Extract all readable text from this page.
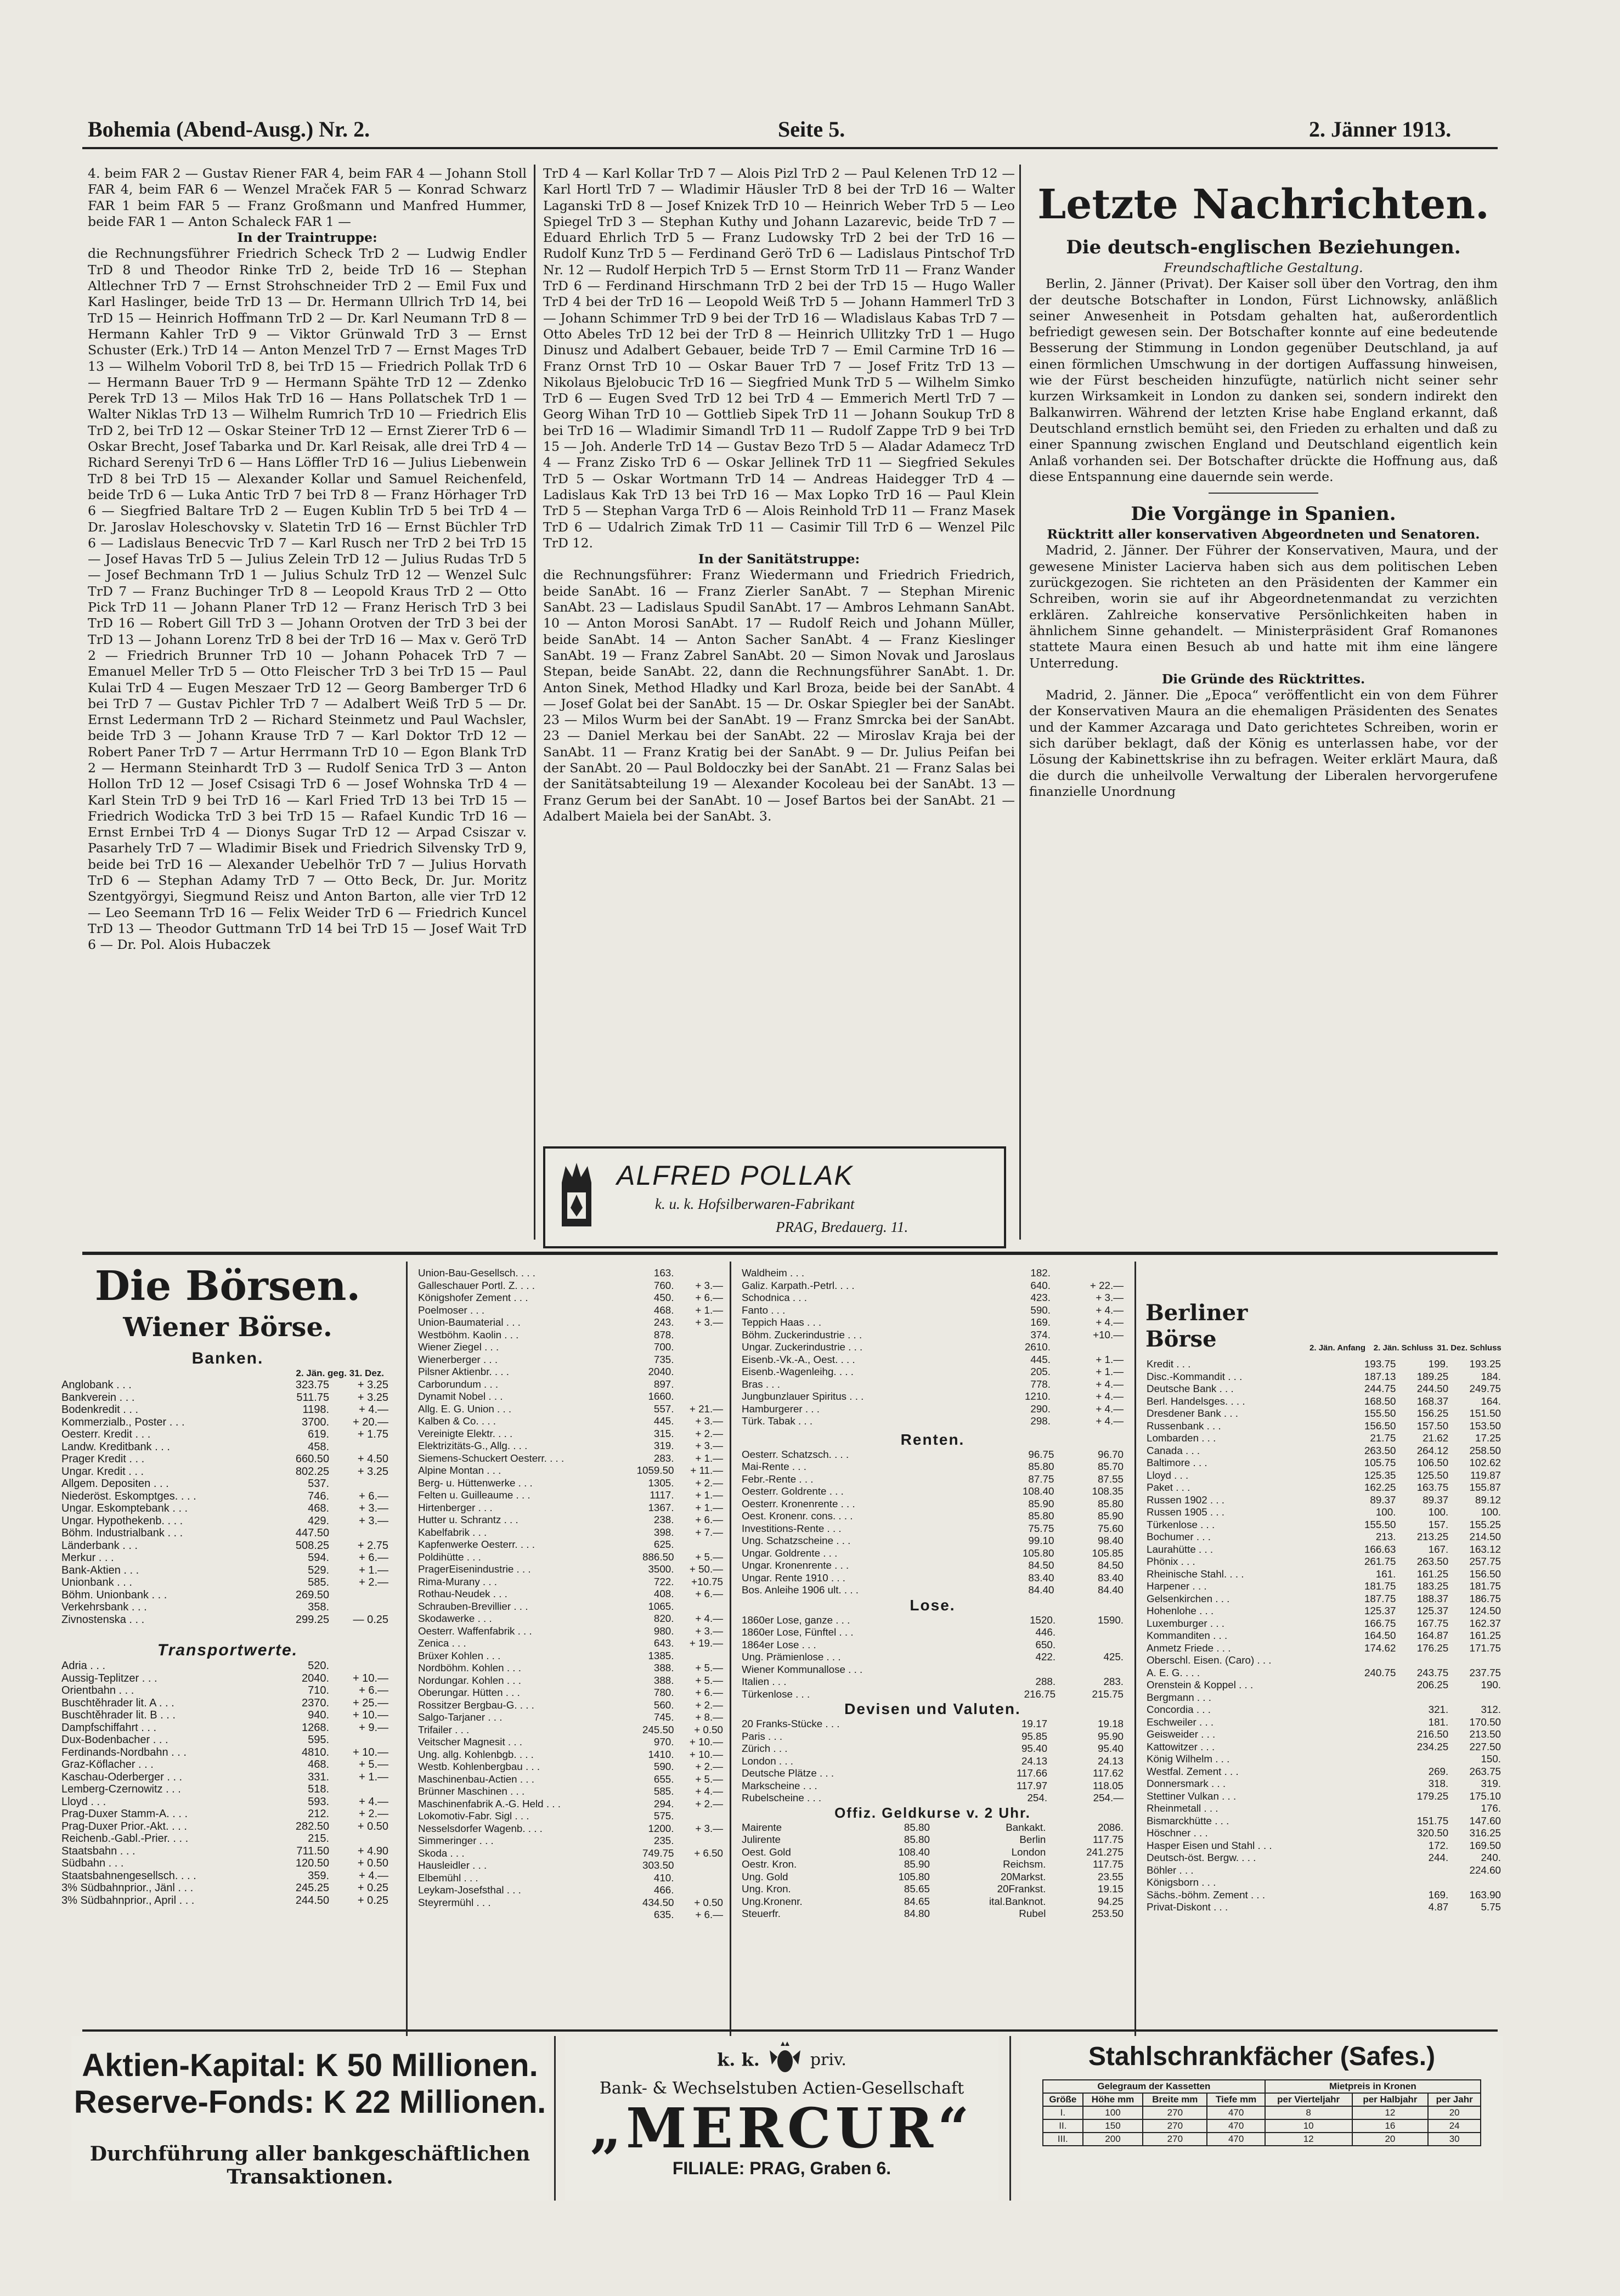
Bohemia (Abend-Ausg.) Nr. 2.	Seite 5.	2. Jänner 1913.

4. beim FAR 2 — Gustav Riener FAR 4, beim FAR 4 — Johann Stoll FAR 4, beim FAR 6 — Wenzel Mraček FAR 5 — Konrad Schwarz FAR 1 beim FAR 5 — Franz Großmann und Manfred Hummer, beide FAR 1 — Anton Schaleck FAR 1 —

In der Traintruppe:

die Rechnungsführer Friedrich Scheck TrD 2 — Ludwig Endler TrD 8 und Theodor Rinke TrD 2, beide TrD 16 — Stephan Altlechner TrD 7 — Ernst Strohschneider TrD 2 — Emil Fux und Karl Haslinger, beide TrD 13 — Dr. Hermann Ullrich TrD 14, bei TrD 15 — Heinrich Hoffmann TrD 2 — Dr. Karl Neumann TrD 8 — Hermann Kahler TrD 9 — Viktor Grünwald TrD 3 — Ernst Schuster (Erk.) TrD 14 — Anton Menzel TrD 7 — Ernst Mages TrD 13 — Wilhelm Voboril TrD 8, bei TrD 15 — Friedrich Pollak TrD 6 — Hermann Bauer TrD 9 — Hermann Spähte TrD 12 — Zdenko Perek TrD 13 — Milos Hak TrD 16 — Hans Pollatschek TrD 1 — Walter Niklas TrD 13 — Wilhelm Rumrich TrD 10 — Friedrich Elis TrD 2, bei TrD 12 — Oskar Steiner TrD 12 — Ernst Zierer TrD 6 — Oskar Brecht, Josef Tabarka und Dr. Karl Reisak, alle drei TrD 4 — Richard Serenyi TrD 6 — Hans Löffler TrD 16 — Julius Liebenwein TrD 8 bei TrD 15 — Alexander Kollar und Samuel Reichenfeld, beide TrD 6 — Luka Antic TrD 7 bei TrD 8 — Franz Hörhager TrD 6 — Siegfried Baltare TrD 2 — Eugen Kublin TrD 5 bei TrD 4 — Dr. Jaroslav Holeschovsky v. Slatetin TrD 16 — Ernst Büchler TrD 6 — Ladislaus Benecvic TrD 7 — Karl Rusch ner TrD 2 bei TrD 15 — Josef Havas TrD 5 — Julius Zelein TrD 12 — Julius Rudas TrD 5 — Josef Bechmann TrD 1 — Julius Schulz TrD 12 — Wenzel Sulc TrD 7 — Franz Buchinger TrD 8 — Leopold Kraus TrD 2 — Otto Pick TrD 11 — Johann Planer TrD 12 — Franz Herisch TrD 3 bei TrD 16 — Robert Gill TrD 3 — Johann Orotven der TrD 3 bei der TrD 13 — Johann Lorenz TrD 8 bei der TrD 16 — Max v. Gerö TrD 2 — Friedrich Brunner TrD 10 — Johann Pohacek TrD 7 — Emanuel Meller TrD 5 — Otto Fleischer TrD 3 bei TrD 15 — Paul Kulai TrD 4 — Eugen Meszaer TrD 12 — Georg Bamberger TrD 6 bei TrD 7 — Gustav Pichler TrD 7 — Adalbert Weiß TrD 5 — Dr. Ernst Ledermann TrD 2 — Richard Steinmetz und Paul Wachsler, beide TrD 3 — Johann Krause TrD 7 — Karl Doktor TrD 12 — Robert Paner TrD 7 — Artur Herrmann TrD 10 — Egon Blank TrD 2 — Hermann Steinhardt TrD 3 — Rudolf Senica TrD 3 — Anton Hollon TrD 12 — Josef Csisagi TrD 6 — Josef Wohnska TrD 4 — Karl Stein TrD 9 bei TrD 16 — Karl Fried TrD 13 bei TrD 15 — Friedrich Wodicka TrD 3 bei TrD 15 — Rafael Kundic TrD 16 — Ernst Ernbei TrD 4 — Dionys Sugar TrD 12 — Arpad Csiszar v. Pasarhely TrD 7 — Wladimir Bisek und Friedrich Silvensky TrD 9, beide bei TrD 16 — Alexander Uebelhör TrD 7 — Julius Horvath TrD 6 — Stephan Adamy TrD 7 — Otto Beck, Dr. Jur. Moritz Szentgyörgyi, Siegmund Reisz und Anton Barton, alle vier TrD 12 — Leo Seemann TrD 16 — Felix Weider TrD 6 — Friedrich Kuncel TrD 13 — Theodor Guttmann TrD 14 bei TrD 15 — Josef Wait TrD 6 — Dr. Pol. Alois Hubaczek

TrD 4 — Karl Kollar TrD 7 — Alois Pizl TrD 2 — Paul Kelenen TrD 12 — Karl Hortl TrD 7 — Wladimir Häusler TrD 8 bei der TrD 16 — Walter Laganski TrD 8 — Josef Knizek TrD 10 — Heinrich Weber TrD 5 — Leo Spiegel TrD 3 — Stephan Kuthy und Johann Lazarevic, beide TrD 7 — Eduard Ehrlich TrD 5 — Franz Ludowsky TrD 2 bei der TrD 16 — Rudolf Kunz TrD 5 — Ferdinand Gerö TrD 6 — Ladislaus Pintschof TrD Nr. 12 — Rudolf Herpich TrD 5 — Ernst Storm TrD 11 — Franz Wander TrD 6 — Ferdinand Hirschmann TrD 2 bei der TrD 15 — Hugo Waller TrD 4 bei der TrD 16 — Leopold Weiß TrD 5 — Johann Hammerl TrD 3 — Johann Schimmer TrD 9 bei der TrD 16 — Wladislaus Kabas TrD 7 — Otto Abeles TrD 12 bei der TrD 8 — Heinrich Ullitzky TrD 1 — Hugo Dinusz und Adalbert Gebauer, beide TrD 7 — Emil Carmine TrD 16 — Franz Ornst TrD 10 — Oskar Bauer TrD 7 — Josef Fritz TrD 13 — Nikolaus Bjelobucic TrD 16 — Siegfried Munk TrD 5 — Wilhelm Simko TrD 6 — Eugen Sved TrD 12 bei TrD 4 — Emmerich Mertl TrD 7 — Georg Wihan TrD 10 — Gottlieb Sipek TrD 11 — Johann Soukup TrD 8 bei TrD 16 — Wladimir Simandl TrD 11 — Rudolf Zappe TrD 9 bei TrD 15 — Joh. Anderle TrD 14 — Gustav Bezo TrD 5 — Aladar Adamecz TrD 4 — Franz Zisko TrD 6 — Oskar Jellinek TrD 11 — Siegfried Sekules TrD 5 — Oskar Wortmann TrD 14 — Andreas Haidegger TrD 4 — Ladislaus Kak TrD 13 bei TrD 16 — Max Lopko TrD 16 — Paul Klein TrD 5 — Stephan Varga TrD 6 — Alois Reinhold TrD 11 — Franz Masek TrD 6 — Udalrich Zimak TrD 11 — Casimir Till TrD 6 — Wenzel Pilc TrD 12.

In der Sanitätstruppe:

die Rechnungsführer: Franz Wiedermann und Friedrich Friedrich, beide SanAbt. 16 — Franz Zierler SanAbt. 7 — Stephan Mirenic SanAbt. 23 — Ladislaus Spudil SanAbt. 17 — Ambros Lehmann SanAbt. 10 — Anton Morosi SanAbt. 17 — Rudolf Reich und Johann Müller, beide SanAbt. 14 — Anton Sacher SanAbt. 4 — Franz Kieslinger SanAbt. 19 — Franz Zabrel SanAbt. 20 — Simon Novak und Jaroslaus Stepan, beide SanAbt. 22, dann die Rechnungsführer SanAbt. 1. Dr. Anton Sinek, Method Hladky und Karl Broza, beide bei der SanAbt. 4 — Josef Golat bei der SanAbt. 15 — Dr. Oskar Spiegler bei der SanAbt. 23 — Milos Wurm bei der SanAbt. 19 — Franz Smrcka bei der SanAbt. 23 — Daniel Merkau bei der SanAbt. 22 — Miroslav Kraja bei der SanAbt. 11 — Franz Kratig bei der SanAbt. 9 — Dr. Julius Peifan bei der SanAbt. 20 — Paul Boldoczky bei der SanAbt. 21 — Franz Salas bei der Sanitätsabteilung 19 — Alexander Kocoleau bei der SanAbt. 13 — Franz Gerum bei der SanAbt. 10 — Josef Bartos bei der SanAbt. 21 — Adalbert Maiela bei der SanAbt. 3.

ALFRED POLLAK
k. u. k. Hofsilberwaren-Fabrikant
PRAG, Bredauerg. 11.

Letzte Nachrichten.

Die deutsch-englischen Beziehungen.

Freundschaftliche Gestaltung.

Berlin, 2. Jänner (Privat). Der Kaiser soll über den Vortrag, den ihm der deutsche Botschafter in London, Fürst Lichnowsky, anläßlich seiner Anwesenheit in Potsdam gehalten hat, außerordentlich befriedigt gewesen sein. Der Botschafter konnte auf eine bedeutende Besserung der Stimmung in London gegenüber Deutschland, ja auf einen förmlichen Umschwung in der dortigen Auffassung hinweisen, wie der Fürst bescheiden hinzufügte, natürlich nicht seiner sehr kurzen Wirksamkeit in London zu danken sei, sondern indirekt den Balkanwirren. Während der letzten Krise habe England erkannt, daß Deutschland ernstlich bemüht sei, den Frieden zu erhalten und daß zu einer Spannung zwischen England und Deutschland eigentlich kein Anlaß vorhanden sei. Der Botschafter drückte die Hoffnung aus, daß diese Entspannung eine dauernde sein werde.

Die Vorgänge in Spanien.

Rücktritt aller konservativen Abgeordneten und Senatoren.

Madrid, 2. Jänner. Der Führer der Konservativen, Maura, und der gewesene Minister Lacierva haben sich aus dem politischen Leben zurückgezogen. Sie richteten an den Präsidenten der Kammer ein Schreiben, worin sie auf ihr Abgeordnetenmandat zu verzichten erklären. Zahlreiche konservative Persönlichkeiten haben in ähnlichem Sinne gehandelt. — Ministerpräsident Graf Romanones stattete Maura einen Besuch ab und hatte mit ihm eine längere Unterredung.

Die Gründe des Rücktrittes.

Madrid, 2. Jänner. Die „Epoca“ veröffentlicht ein von dem Führer der Konservativen Maura an die ehemaligen Präsidenten des Senates und der Kammer Azcaraga und Dato gerichtetes Schreiben, worin er sich darüber beklagt, daß der König es unterlassen habe, vor der Lösung der Kabinettskrise ihn zu befragen. Weiter erklärt Maura, daß die durch die unheilvolle Verwaltung der Liberalen hervorgerufene finanzielle Unordnung

Die Börsen.
Wiener Börse.
Banken.
2. Jän. geg. 31. Dez.
Anglobank . . .	323.75	+ 3.25
Bankverein . . .	511.75	+ 3.25
Bodenkredit . . .	1198.	+ 4.—
Kommerzialb., Poster . . .	3700.	+ 20.—
Oesterr. Kredit . . .	619.	+ 1.75
Landw. Kreditbank . . .	458.	
Prager Kredit . . .	660.50	+ 4.50
Ungar. Kredit . . .	802.25	+ 3.25
Allgem. Depositen . . .	537.	
Niederöst. Eskomptges. . . .	746.	+ 6.—
Ungar. Eskomptebank . . .	468.	+ 3.—
Ungar. Hypothekenb. . . .	429.	+ 3.—
Böhm. Industrialbank . . .	447.50	
Länderbank . . .	508.25	+ 2.75
Merkur . . .	594.	+ 6.—
Bank-Aktien . . .	529.	+ 1.—
Unionbank . . .	585.	+ 2.—
Böhm. Unionbank . . .	269.50	
Verkehrsbank . . .	358.	
Zivnostenska . . .	299.25	— 0.25
Transportwerte.
Adria . . .	520.	
Aussig-Teplitzer . . .	2040.	+ 10.—
Orientbahn . . .	710.	+ 6.—
Buschtěhrader lit. A . . .	2370.	+ 25.—
Buschtěhrader lit. B . . .	940.	+ 10.—
Dampfschiffahrt . . .	1268.	+ 9.—
Dux-Bodenbacher . . .	595.	
Ferdinands-Nordbahn . . .	4810.	+ 10.—
Graz-Köflacher . . .	468.	+ 5.—
Kaschau-Oderberger . . .	331.	+ 1.—
Lemberg-Czernowitz . . .	518.	
Lloyd . . .	593.	+ 4.—
Prag-Duxer Stamm-A. . . .	212.	+ 2.—
Prag-Duxer Prior.-Akt. . . .	282.50	+ 0.50
Reichenb.-Gabl.-Prier. . . .	215.	
Staatsbahn . . .	711.50	+ 4.90
Südbahn . . .	120.50	+ 0.50
Staatsbahnengesellsch. . . .	359.	+ 4.—
3% Südbahnprior., Jänl . . .	245.25	+ 0.25
3% Südbahnprior., April . . .	244.50	+ 0.25
Union-Bau-Gesellsch. . . .	163.	
Galleschauer Portl. Z. . . .	760.	+ 3.—
Königshofer Zement . . .	450.	+ 6.—
Poelmoser . . .	468.	+ 1.—
Union-Baumaterial . . .	243.	+ 3.—
Westböhm. Kaolin . . .	878.	
Wiener Ziegel . . .	700.	
Wienerberger . . .	735.	
Pilsner Aktienbr. . . .	2040.	
Carborundum . . .	897.	
Dynamit Nobel . . .	1660.	
Allg. E. G. Union . . .	557.	+ 21.—
Kalben & Co. . . .	445.	+ 3.—
Vereinigte Elektr. . . .	315.	+ 2.—
Elektrizitäts-G., Allg. . . .	319.	+ 3.—
Siemens-Schuckert Oesterr. . . .	283.	+ 1.—
Alpine Montan . . .	1059.50	+ 11.—
Berg- u. Hüttenwerke . . .	1305.	+ 2.—
Felten u. Guilleaume . . .	1117.	+ 1.—
Hirtenberger . . .	1367.	+ 1.—
Hutter u. Schrantz . . .	238.	+ 6.—
Kabelfabrik . . .	398.	+ 7.—
Kapfenwerke Oesterr. . . .	625.	
Poldihütte . . .	886.50	+ 5.—
PragerEisenindustrie . . .	3500.	+ 50.—
Rima-Murany . . .	722.	+10.75
Rothau-Neudek . . .	408.	+ 6.—
Schrauben-Brevillier . . .	1065.	
Skodawerke . . .	820.	+ 4.—
Oesterr. Waffenfabrik . . .	980.	+ 3.—
Zenica . . .	643.	+ 19.—
Brüxer Kohlen . . .	1385.	
Nordböhm. Kohlen . . .	388.	+ 5.—
Nordungar. Kohlen . . .	388.	+ 5.—
Oberungar. Hütten . . .	780.	+ 6.—
Rossitzer Bergbau-G. . . .	560.	+ 2.—
Salgo-Tarjaner . . .	745.	+ 8.—
Trifailer . . .	245.50	+ 0.50
Veitscher Magnesit . . .	970.	+ 10.—
Ung. allg. Kohlenbgb. . . .	1410.	+ 10.—
Westb. Kohlenbergbau . . .	590.	+ 2.—
Maschinenbau-Actien . . .	655.	+ 5.—
Brünner Maschinen . . .	585.	+ 4.—
Maschinenfabrik A.-G. Held . . .	294.	+ 2.—
Lokomotiv-Fabr. Sigl . . .	575.	
Nesselsdorfer Wagenb. . . .	1200.	+ 3.—
Simmeringer . . .	235.	
Skoda . . .	749.75	+ 6.50
Hausleidler . . .	303.50	
Elbemühl . . .	410.	
Leykam-Josefsthal . . .	466.	
Steyrermühl . . .	434.50	+ 0.50
	635.	+ 6.—
Waldheim . . .	182.	
Galiz. Karpath.-Petrl. . . .	640.	+ 22.—
Schodnica . . .	423.	+ 3.—
Fanto . . .	590.	+ 4.—
Teppich Haas . . .	169.	+ 4.—
Böhm. Zuckerindustrie . . .	374.	+10.—
Ungar. Zuckerindustrie . . .	2610.	
Eisenb.-Vk.-A., Oest. . . .	445.	+ 1.—
Eisenb.-Wagenleihg. . . .	205.	+ 1.—
Bras . . .	778.	+ 4.—
Jungbunzlauer Spiritus . . .	1210.	+ 4.—
Hamburgerer . . .	290.	+ 4.—
Türk. Tabak . . .	298.	+ 4.—
Renten.
Oesterr. Schatzsch. . . .	96.75	96.70
Mai-Rente . . .	85.80	85.70
Febr.-Rente . . .	87.75	87.55
Oesterr. Goldrente . . .	108.40	108.35
Oesterr. Kronenrente . . .	85.90	85.80
Oest. Kronenr. cons. . . .	85.80	85.90
Investitions-Rente . . .	75.75	75.60
Ung. Schatzscheine . . .	99.10	98.40
Ungar. Goldrente . . .	105.80	105.85
Ungar. Kronenrente . . .	84.50	84.50
Ungar. Rente 1910 . . .	83.40	83.40
Bos. Anleihe 1906 ult. . . .	84.40	84.40
Lose.
1860er Lose, ganze . . .	1520.	1590.
1860er Lose, Fünftel . . .	446.	
1864er Lose . . .	650.	
Ung. Prämienlose . . .	422.	425.
Wiener Kommunallose . . .		
Italien . . .	288.	283.
Türkenlose . . .	216.75	215.75
Devisen und Valuten.
20 Franks-Stücke . . .	19.17	19.18
Paris . . .	95.85	95.90
Zürich . . .	95.40	95.40
London . . .	24.13	24.13
Deutsche Plätze . . .	117.66	117.62
Markscheine . . .	117.97	118.05
Rubelscheine . . .	254.	254.—
Offiz. Geldkurse v. 2 Uhr.
Mairente	85.80	Bankakt.	2086.
Julirente	85.80	Berlin	117.75
Oest. Gold	108.40	London	241.275
Oestr. Kron.	85.90	Reichsm.	117.75
Ung. Gold	105.80	20Markst.	23.55
Ung. Kron.	85.65	20Frankst.	19.15
Ung.Kronenr.	84.65	ital.Banknot.	94.25
Steuerfr.	84.80	Rubel	253.50
Berliner Börse	2. Jän. Anfang 2. Jän. Schluss 31. Dez. Schluss
Kredit . . .	193.75	199.	193.25
Disc.-Kommandit . . .	187.13	189.25	184.
Deutsche Bank . . .	244.75	244.50	249.75
Berl. Handelsges. . . .	168.50	168.37	164.
Dresdener Bank . . .	155.50	156.25	151.50
Russenbank . . .	156.50	157.50	153.50
Lombarden . . .	21.75	21.62	17.25
Canada . . .	263.50	264.12	258.50
Baltimore . . .	105.75	106.50	102.62
Lloyd . . .	125.35	125.50	119.87
Paket . . .	162.25	163.75	155.87
Russen 1902 . . .	89.37	89.37	89.12
Russen 1905 . . .	100.	100.	100.
Türkenlose . . .	155.50	157.	155.25
Bochumer . . .	213.	213.25	214.50
Laurahütte . . .	166.63	167.	163.12
Phönix . . .	261.75	263.50	257.75
Rheinische Stahl. . . .	161.	161.25	156.50
Harpener . . .	181.75	183.25	181.75
Gelsenkirchen . . .	187.75	188.37	186.75
Hohenlohe . . .	125.37	125.37	124.50
Luxemburger . . .	166.75	167.75	162.37
Kommanditen . . .	164.50	164.87	161.25
Anmetz Friede . . .	174.62	176.25	171.75
Oberschl. Eisen. (Caro) . . .			
A. E. G. . . .	240.75	243.75	237.75
Orenstein & Koppel . . .		206.25	190.
Bergmann . . .			
Concordia . . .		321.	312.
Eschweiler . . .		181.	170.50
Geisweider . . .		216.50	213.50
Kattowitzer . . .		234.25	227.50
König Wilhelm . . .			150.
Westfal. Zement . . .		269.	263.75
Donnersmark . . .		318.	319.
Stettiner Vulkan . . .		179.25	175.10
Rheinmetall . . .			176.
Bismarckhütte . . .		151.75	147.60
Höschner . . .		320.50	316.25
Hasper Eisen und Stahl . . .		172.	169.50
Deutsch-öst. Bergw. . . .		244.	240.
Böhler . . .			224.60
Königsborn . . .			
Sächs.-böhm. Zement . . .		169.	163.90
Privat-Diskont . . .		4.87	5.75
Aktien-Kapital: K 50 Millionen.
Reserve-Fonds: K 22 Millionen.
Durchführung aller bankgeschäftlichen
Transaktionen.
k. k.	priv.
Bank- & Wechselstuben Actien-Gesellschaft
„MERCUR“
FILIALE: PRAG, Graben 6.
Stahlschrankfächer (Safes.)
Gelegraum der Kassetten				Mietpreis in Kronen		
Größe	Höhe mm	Breite mm	Tiefe mm	per Vierteljahr	per Halbjahr	per Jahr
I.	100	270	470	8	12	20
II.	150	270	470	10	16	24
III.	200	270	470	12	20	30
